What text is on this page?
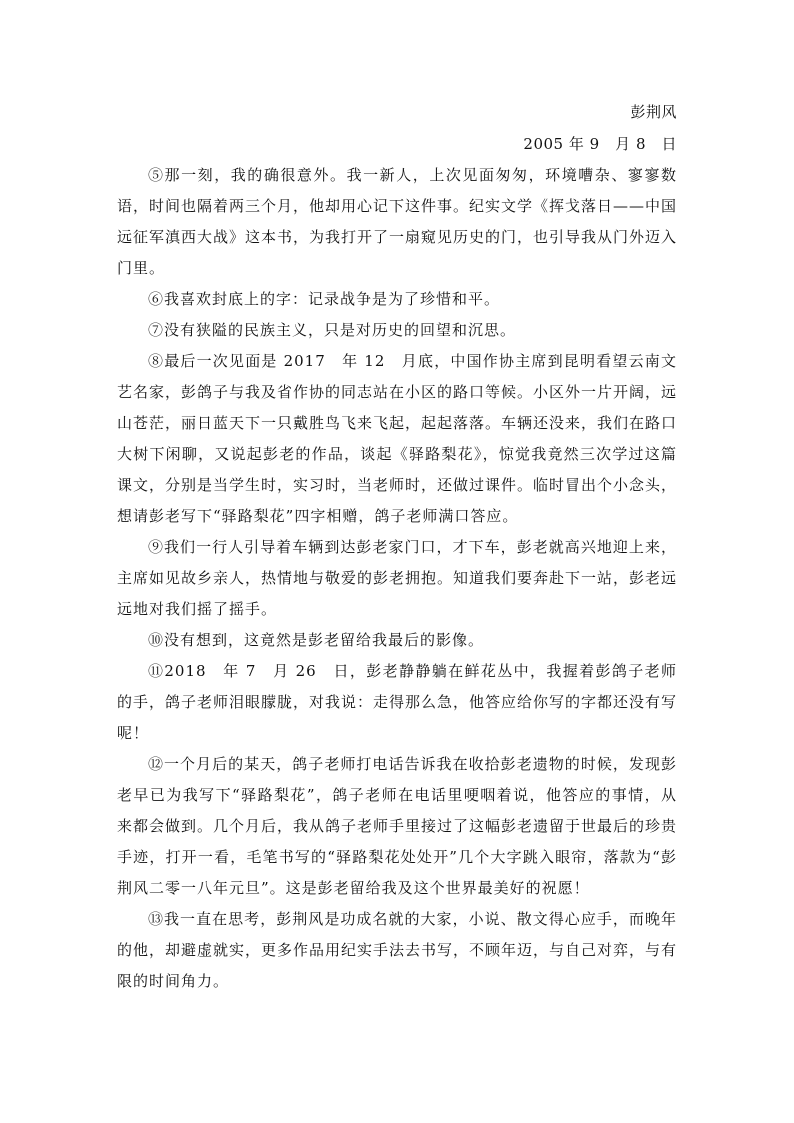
彭荆风
2005 年 9　月 8　日

⑤那一刻，我的确很意外。我一新人，上次见面匆匆，环境嘈杂、寥寥数语，时间也隔着两三个月，他却用心记下这件事。纪实文学《挥戈落日——中国远征军滇西大战》这本书，为我打开了一扇窥见历史的门，也引导我从门外迈入门里。

⑥我喜欢封底上的字：记录战争是为了珍惜和平。

⑦没有狭隘的民族主义，只是对历史的回望和沉思。

⑧最后一次见面是 2017　年 12　月底，中国作协主席到昆明看望云南文艺名家，彭鸽子与我及省作协的同志站在小区的路口等候。小区外一片开阔，远山苍茫，丽日蓝天下一只戴胜鸟飞来飞起，起起落落。车辆还没来，我们在路口大树下闲聊，又说起彭老的作品，谈起《驿路梨花》，惊觉我竟然三次学过这篇课文，分别是当学生时，实习时，当老师时，还做过课件。临时冒出个小念头，想请彭老写下“驿路梨花”四字相赠，鸽子老师满口答应。

⑨我们一行人引导着车辆到达彭老家门口，才下车，彭老就高兴地迎上来，主席如见故乡亲人，热情地与敬爱的彭老拥抱。知道我们要奔赴下一站，彭老远远地对我们摇了摇手。

⑩没有想到，这竟然是彭老留给我最后的影像。

⑪2018　年 7　月 26　日，彭老静静躺在鲜花丛中，我握着彭鸽子老师的手，鸽子老师泪眼朦胧，对我说：走得那么急，他答应给你写的字都还没有写呢！

⑫一个月后的某天，鸽子老师打电话告诉我在收拾彭老遗物的时候，发现彭老早已为我写下“驿路梨花”，鸽子老师在电话里哽咽着说，他答应的事情，从来都会做到。几个月后，我从鸽子老师手里接过了这幅彭老遗留于世最后的珍贵手迹，打开一看，毛笔书写的“驿路梨花处处开”几个大字跳入眼帘，落款为“彭荆风二零一八年元旦”。这是彭老留给我及这个世界最美好的祝愿！

⑬我一直在思考，彭荆风是功成名就的大家，小说、散文得心应手，而晚年的他，却避虚就实，更多作品用纪实手法去书写，不顾年迈，与自己对弈，与有限的时间角力。
